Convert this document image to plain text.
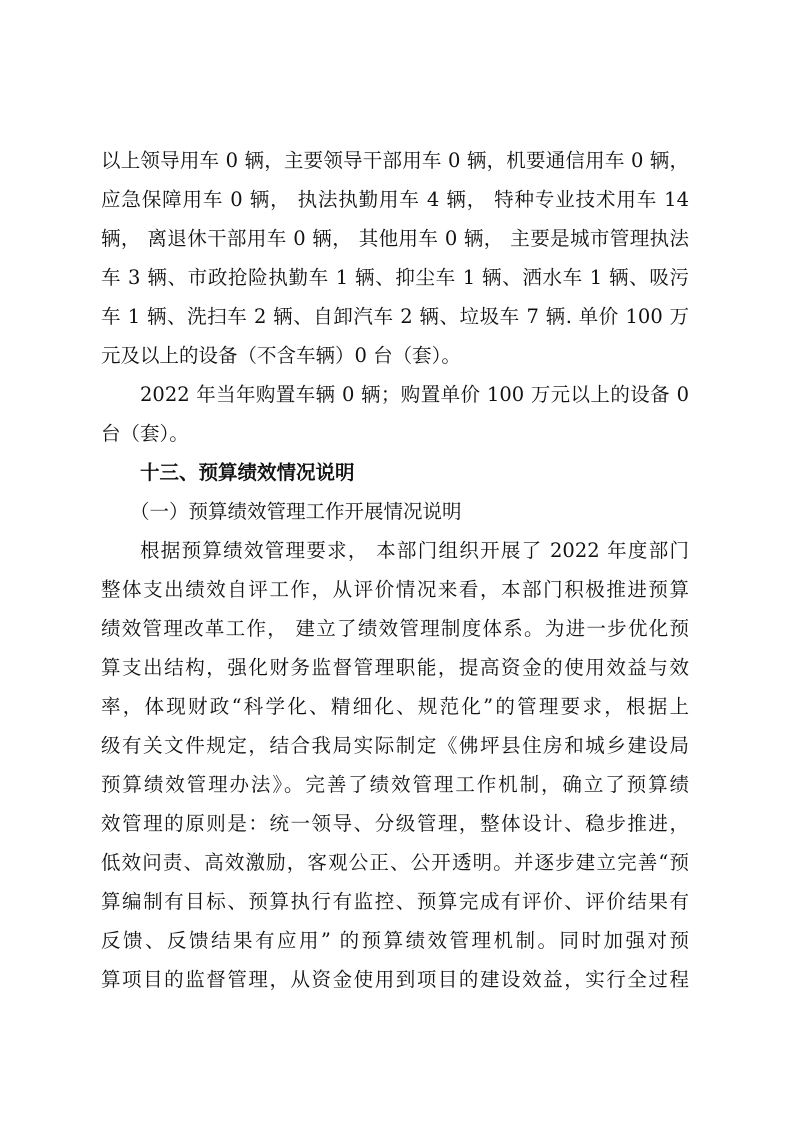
以上领导用车 0 辆，主要领导干部用车 0 辆，机要通信用车 0 辆，
应急保障用车 0 辆， 执法执勤用车 4 辆， 特种专业技术用车 14
辆， 离退休干部用车 0 辆， 其他用车 0 辆， 主要是城市管理执法
车 3 辆、市政抢险执勤车 1 辆、抑尘车 1 辆、洒水车 1 辆、吸污
车 1 辆、洗扫车 2 辆、自卸汽车 2 辆、垃圾车 7 辆. 单价 100 万
元及以上的设备（不含车辆）0 台（套）。
2022 年当年购置车辆 0 辆；购置单价 100 万元以上的设备 0
台（套）。
十三、预算绩效情况说明
（一）预算绩效管理工作开展情况说明
根据预算绩效管理要求， 本部门组织开展了 2022 年度部门
整体支出绩效自评工作，从评价情况来看，本部门积极推进预算
绩效管理改革工作， 建立了绩效管理制度体系。为进一步优化预
算支出结构，强化财务监督管理职能，提高资金的使用效益与效
率，体现财政“科学化、精细化、规范化”的管理要求，根据上
级有关文件规定，结合我局实际制定《佛坪县住房和城乡建设局
预算绩效管理办法》。完善了绩效管理工作机制，确立了预算绩
效管理的原则是：统一领导、分级管理，整体设计、稳步推进，
低效问责、高效激励，客观公正、公开透明。并逐步建立完善“预
算编制有目标、预算执行有监控、预算完成有评价、评价结果有
反馈、反馈结果有应用” 的预算绩效管理机制。同时加强对预
算项目的监督管理，从资金使用到项目的建设效益，实行全过程
